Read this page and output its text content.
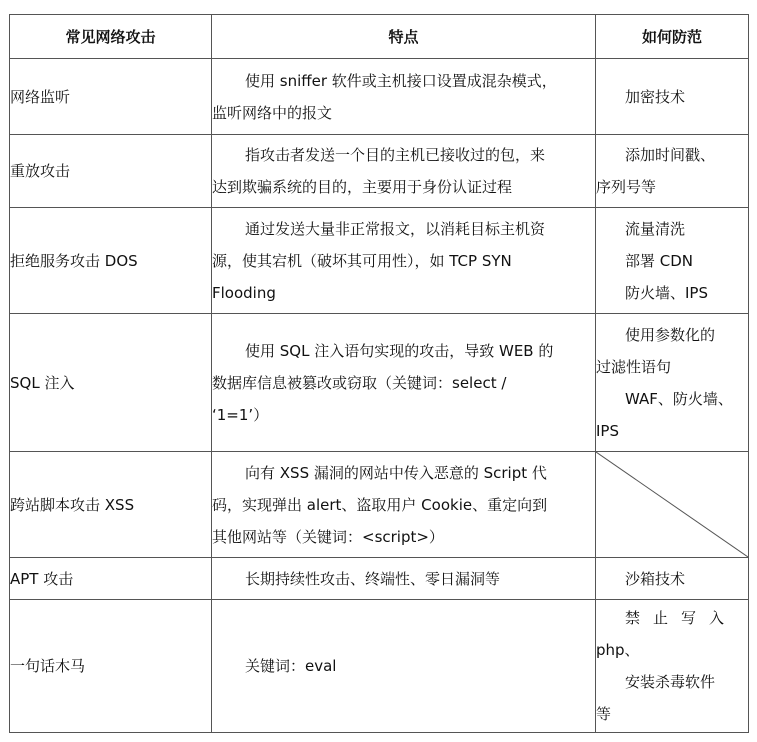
常见网络攻击	特点	如何防范
网络监听	使用 sniffer 软件或主机接口设置成混杂模式，
监听网络中的报文	加密技术

重放攻击	指攻击者发送一个目的主机已接收过的包，来
达到欺骗系统的目的，主要用于身份认证过程	添加时间戳、
序列号等

拒绝服务攻击 DOS	通过发送大量非正常报文，以消耗目标主机资
源，使其宕机（破坏其可用性），如 TCP SYN
Flooding	流量清洗
部署 CDN
防火墙、IPS

SQL 注入	使用 SQL 注入语句实现的攻击，导致 WEB 的
数据库信息被篡改或窃取（关键词：select /
‘1=1’）	使用参数化的
过滤性语句
WAF、防火墙、
IPS

跨站脚本攻击 XSS	向有 XSS 漏洞的网站中传入恶意的 Script 代
码，实现弹出 alert、盗取用户 Cookie、重定向到
其他网站等（关键词：<script>）

APT 攻击	长期持续性攻击、终端性、零日漏洞等	沙箱技术

一句话木马	关键词：eval	禁止写入
php、
安装杀毒软件
等
